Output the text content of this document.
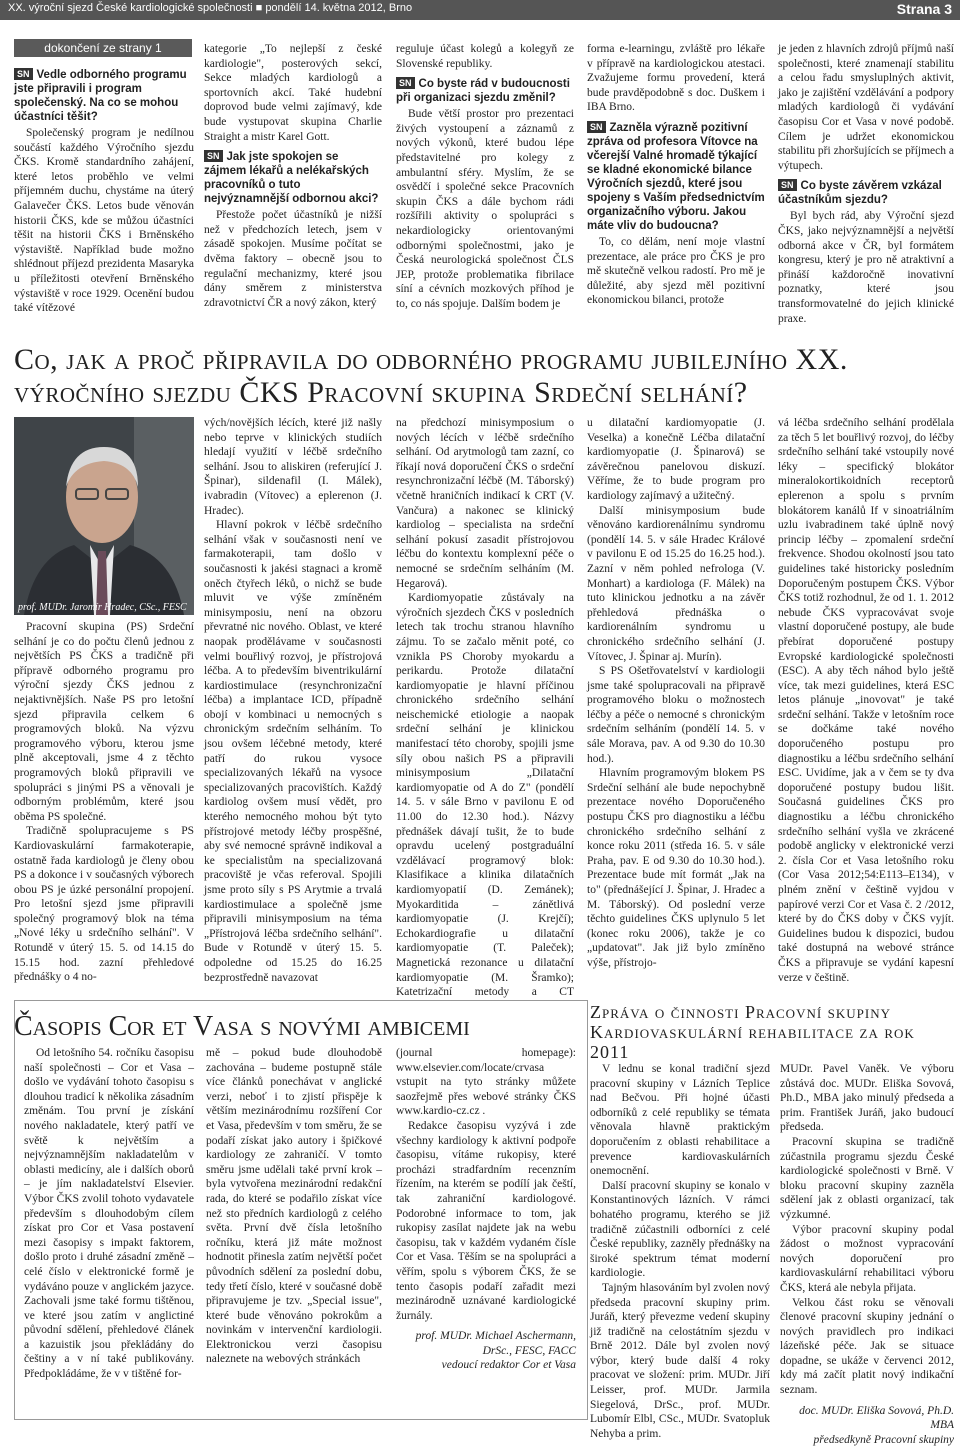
XX. výroční sjezd České kardiologické společnosti ■ pondělí 14. května 2012, Brno	Strana 3
dokončení ze strany 1
SN Vedle odborného programu jste připravili i program společenský. Na co se mohou účastníci těšit?

Společenský program je nedílnou součástí každého Výročního sjezdu ČKS. Kromě standardního zahájení, které letos proběhlo ve velmi příjemném duchu, chystáme na úterý Galavečer ČKS. Letos bude věnován historii ČKS, kde se můžou účastníci těšit na historii ČKS i Brněnského výstaviště. Například bude možno shlédnout příjezd prezidenta Masaryka u příležitosti otevření Brněnského výstaviště v roce 1929. Ocenění budou také vítězové

kategorie „To nejlepší z české kardiologie", posterových sekcí, Sekce mladých kardiologů a sportovních akcí. Také hudební doprovod bude velmi zajímavý, kde bude vystupovat skupina Charlie Straight a mistr Karel Gott.

SN Jak jste spokojen se zájmem lékařů a nelékařských pracovníků o tuto nejvýznamnější odbornou akci?

Přestože počet účastníků je nižší než v předchozích letech, jsem v zásadě spokojen. Musíme počítat se dvěma faktory – obecně jsou to regulační mechanizmy, které jsou dány směrem z ministerstva zdravotnictví ČR a nový zákon, který

reguluje účast kolegů a kolegyň ze Slovenské republiky.

SN Co byste rád v budoucnosti při organizaci sjezdu změnil?

Bude větší prostor pro prezentaci živých vystoupení a záznamů z nových výkonů, které budou lépe představitelné pro kolegy z ambulantní sféry. Myslím, že se osvědčí i společné sekce Pracovních skupin ČKS a dále bychom rádi rozšířili aktivity o spolupráci s nekardiologicky orientovanými odbornými společnostmi, jako je Česká neurologická společnost ČLS JEP, protože problematika fibrilace síní a cévních mozkových příhod je to, co nás spojuje. Dalším bodem je

forma e-learningu, zvláště pro lékaře v přípravě na kardiologickou atestaci. Zvažujeme formu provedení, která bude pravděpodobně s doc. Duškem i IBA Brno.

SN Zazněla výrazně pozitivní zpráva od profesora Vítovce na včerejší Valné hromadě týkající se kladné ekonomické bilance Výročních sjezdů, které jsou spojeny s Vaším předsednictvím organizačního výboru. Jakou máte vliv do budoucna?

To, co dělám, není moje vlastní prezentace, ale práce pro ČKS je pro mě skutečně velkou radostí. Pro mě je důležité, aby sjezd měl pozitivní ekonomickou bilanci, protože

je jeden z hlavních zdrojů příjmů naší společnosti, které znamenají stabilitu a celou řadu smysluplných aktivit, jako je zajištění vzdělávání a podpory mladých kardiologů či vydávání časopisu Cor et Vasa v nové podobě. Cílem je udržet ekonomickou stabilitu při zhoršujících se příjmech a výtupech.

SN Co byste závěrem vzkázal účastníkům sjezdu?

Byl bych rád, aby Výroční sjezd ČKS, jako nejvýznamnější a největší odborná akce v ČR, byl formátem kongresu, který je pro ně atraktivní a přináší každoročně inovativní poznatky, které jsou transformovatelné do jejich klinické praxe.

Co, jak a proč připravila do odborného programu jubilejního XX. výročního sjezdu ČKS Pracovní skupina Srdeční selhání?
prof. MUDr. Jaromír Hradec, CSc., FESC

Pracovní skupina (PS) Srdeční selhání je co do počtu členů jednou z největších PS ČKS a tradičně při přípravě odborného programu pro výroční sjezdy ČKS jednou z nejaktivnějších. Naše PS pro letošní sjezd připravila celkem 6 programových bloků. Na výzvu programového výboru, kterou jsme plně akceptovali, jsme 4 z těchto programových bloků připravili ve spolupráci s jinými PS a věnovali je odborným problémům, které jsou oběma PS společné.

Tradičně spolupracujeme s PS Kardiovaskulární farmakoterapie, ostatně řada kardiologů je členy obou PS a dokonce i v současných výborech obou PS je úzké personální propojení. Pro letošní sjezd jsme připravili společný programový blok na téma „Nové léky u srdečního selhání". V Rotundě v úterý 15. 5. od 14.15 do 15.15 hod. zazní přehledové přednášky o 4 no-

vých/novějších lécích, které již našly nebo teprve v klinických studiích hledají využití v léčbě srdečního selhání. Jsou to aliskiren (referující J. Špinar), sildenafil (I. Málek), ivabradin (Vítovec) a eplerenon (J. Hradec).

Hlavní pokrok v léčbě srdečního selhání však v současnosti není ve farmakoterapii, tam došlo v současnosti k jakési stagnaci a kromě oněch čtyřech léků, o nichž se bude mluvit ve výše zmíněném minisymposiu, není na obzoru převratné nic nového. Oblast, ve které naopak prodělávame v současnosti velmi bouřlivý rozvoj, je přístrojová léčba. A to především biventrikulární kardiostimulace (resynchronizační léčba) a implantace ICD, případně obojí v kombinaci u nemocných s chronickým srdečním selháním. To jsou ovšem léčebné metody, které patří do rukou vysoce specializovaných lékařů na vysoce specializovaných pracovištích. Každý kardiolog ovšem musí vědět, pro kterého nemocného mohou být tyto přístrojové metody léčby prospěšné, aby své nemocné správně indikoval a ke specialistům na specializovaná pracoviště je včas referoval. Spojili jsme proto síly s PS Arytmie a trvalá kardiostimulace a společně jsme připravili minisymposium na téma „Přístrojová léčba srdečního selhání". Bude v Rotundě v úterý 15. 5. odpoledne od 15.25 do 16.25 bezprostředně navazovat

na předchozí minisymposium o nových lécích v léčbě srdečního selhání. Od arytmologů tam zazní, co říkají nová doporučení ČKS o srdeční resynchronizační léčbě (M. Táborský) včetně hraničních indikací k CRT (V. Vančura) a nakonec se klinický kardiolog – specialista na srdeční selhání pokusí zasadit přístrojovou léčbu do kontextu komplexní péče o nemocné se srdečním selháním (M. Hegarová).

Kardiomyopatie zůstávaly na výročních sjezdech ČKS v posledních letech tak trochu stranou hlavního zájmu. To se začalo měnit poté, co vznikla PS Choroby myokardu a perikardu. Protože dilatační kardiomyopatie je hlavní příčinou chronického srdečního selhání neischemické etiologie a naopak srdeční selhání je klinickou manifestací této choroby, spojili jsme síly obou našich PS a připravili minisymposium „Dilatační kardiomyopatie od A do Z" (pondělí 14. 5. v sále Brno v pavilonu E od 11.00 do 12.30 hod.). Názvy přednášek dávají tušit, že to bude opravdu ucelený postgraduální vzdělávací programový blok: Klasifikace a klinika dilatačních kardiomyopatií (D. Zemánek); Myokarditida – zánětlivá kardiomyopatie (J. Krejčí); Echokardiografie u dilatační kardiomyopatie (T. Paleček); Magnetická rezonance u dilatační kardiomyopatie (M. Šramko); Katetrizační metody a CT

u dilatační kardiomyopatie (J. Veselka) a konečně Léčba dilatační kardiomyopatie (J. Špinarová) se závěrečnou panelovou diskuzí. Věříme, že to bude program pro kardiology zajímavý a užitečný.

Další minisymposium bude věnováno kardiorenálnímu syndromu (pondělí 14. 5. v sále Hradec Králové v pavilonu E od 15.25 do 16.25 hod.). Zazní v něm pohled nefrologa (V. Monhart) a kardiologa (F. Málek) na tuto klinickou jednotku a na závěr přehledová přednáška o kardiorenálním syndromu u chronického srdečního selhání (J. Vítovec, J. Špinar aj. Murín).

S PS Ošetřovatelství v kardiologii jsme také spolupracovali na připravě programového bloku o možnostech léčby a péče o nemocné s chronickým srdečním selháním (pondělí 14. 5. v sále Morava, pav. A od 9.30 do 10.30 hod.).

Hlavním programovým blokem PS Srdeční selhání ale bude nepochybně prezentace nového Doporučeného postupu ČKS pro diagnostiku a léčbu chronického srdečního selhání z konce roku 2011 (středa 16. 5. v sále Praha, pav. E od 9.30 do 10.30 hod.). Prezentace bude mít formát „Jak na to" (přednášející J. Špinar, J. Hradec a M. Táborský). Od poslední verze těchto guidelines ČKS uplynulo 5 let (konec roku 2006), takže je co „updatovat". Jak již bylo zmíněno výše, přístrojo-

vá léčba srdečního selhání prodělala za těch 5 let bouřlivý rozvoj, do léčby srdečního selhání také vstoupily nové léky – specifický blokátor mineralokortikoidních receptorů eplerenon a spolu s prvním blokátorem kanálů If v sinoatriálním uzlu ivabradinem také úplně nový princip léčby – zpomalení srdeční frekvence. Shodou okolností jsou tato guidelines také historicky posledním Doporučeným postupem ČKS. Výbor ČKS totiž rozhodnul, že od 1. 1. 2012 nebude ČKS vypracovávat svoje vlastní doporučené postupy, ale bude přebírat doporučené postupy Evropské kardiologické společnosti (ESC). A aby těch náhod bylo ještě více, tak mezi guidelines, která ESC letos plánuje „inovovat" je také srdeční selhání. Takže v letošním roce se dočkáme také nového doporučeného postupu pro diagnostiku a léčbu srdečního selhání ESC. Uvidíme, jak a v čem se ty dva doporučené postupy budou lišit. Současná guidelines ČKS pro diagnostiku a léčbu chronického srdečního selhání vyšla ve zkrácené podobě anglicky v elektronické verzi 2. čísla Cor et Vasa letošního roku (Cor Vasa 2012;54:E113–E134), v plném znění v češtině vyjdou v papírové verzi Cor et Vasa č. 2 /2012, které by do ČKS doby v ČKS vyjít. Guidelines budou k dispozici, budou také dostupná na webové stránce ČKS a připravuje se vydání kapesní verze v češtině.

Časopis Cor et Vasa s novými ambicemi

Od letošního 54. ročníku časopisu naší společnosti – Cor et Vasa – došlo ve vydávání tohoto časopisu s dlouhou tradicí k několika zásadním změnám. Tou první je získání nového nakladatele, který patří ve světě k největším a nejvýznamnějším nakladatelům v oblasti medicíny, ale i dalších oborů – je jím nakladatelství Elsevier. Výbor ČKS zvolil tohoto vydavatele především s dlouhodobým cílem získat pro Cor et Vasa postavení mezi časopisy s impakt faktorem, došlo proto i druhé zásadní změně – celé číslo v elektronické formě je vydáváno pouze v anglickém jazyce. Zachovali jsme také formu tištěnou, ve které jsou zatím v anglictiné původní sdělení, přehledové článek a kazuistik jsou překládány do češtiny a v ní také publikovány. Předpokládáme, že v v tištěné for-

mě – pokud bude dlouhodobě zachována – budeme postupně stále více článků ponechávat v anglické verzi, neboť i to zjistí přispěje k větším mezinárodnímu rozšíření Cor et Vasa, především v tom směru, že se podaří získat jako autory i špičkové kardiology ze zahraničí. V tomto směru jsme udělali také první krok – byla vytvořena mezinárodní redakční rada, do které se podařilo získat více než sto předních kardiologů z celého světa. První dvě čísla letošního ročníku, která již máte možnost hodnotit přinesla zatím největší počet původních sdělení za poslední dobu, tedy třetí číslo, které v současné době připravujeme je tzv. „Special issue", které bude věnováno pokrokům a novinkám v intervenční kardiologii. Elektronickou verzi časopisu naleznete na webových stránkách

(journal homepage): www.elsevier.com/locate/crvasa vstupit na tyto stránky můžete saozřejmě přes webové stránky ČKS www.kardio-cz.cz .

Redakce časopisu vyzývá i zde všechny kardiology k aktivní podpoře časopisu, vítáme rukopisy, které procházi stradfardním recenzním řízením, na kterém se podílí jak čeští, tak zahraniční kardiologové. Podorobné informace to tom, jak rukopisy zasílat najdete jak na webu časopisu, tak v každém vydaném čísle Cor et Vasa. Těším se na spolupráci a věřím, spolu s výborem ČKS, že se tento časopis podaří zařadit mezi mezinárodně uznávané kardiologické žurnály.

prof. MUDr. Michael Aschermann, DrSc., FESC, FACC

vedoucí redaktor Cor et Vasa

Zpráva o činnosti Pracovní skupiny Kardiovaskulární rehabilitace za rok 2011

V lednu se konal tradiční sjezd pracovní skupiny v Lázních Teplice nad Bečvou. Při hojné účasti odborníků z celé republiky se témata věnovala hlavně praktickým doporučením z oblasti rehabilitace a prevence kardiovaskulárních onemocnění.

Další pracovní skupiny se konalo v Konstantinových lázních. V rámci bohatého programu, kterého se již tradičně zúčastnili odborníci z celé České republiky, zazněly přednášky na široké spektrum témat moderní kardiologie.

Tajným hlasováním byl zvolen nový předseda pracovní skupiny prim. Juráň, který převezme vedení skupiny již tradičně na celostátním sjezdu v Brně 2012. Dále byl zvolen nový výbor, který bude další 4 roky pracovat ve složení: prim. MUDr. Jiří Leisser, prof. MUDr. Jarmila Siegelová, DrSc., prof. MUDr. Lubomír Elbl, CSc., MUDr. Svatopluk Nehyba a prim.

MUDr. Pavel Vaněk. Ve výboru zůstává doc. MUDr. Eliška Sovová, Ph.D., MBA jako minulý předseda a prim. František Juráň, jako budoucí předseda.

Pracovní skupina se tradičně zúčastnila programu sjezdu České kardiologické společnosti v Brně. V bloku pracovní skupiny zazněla sdělení jak z oblasti organizací, tak výzkumné.

Výbor pracovní skupiny podal žádost o možnost vypracování nových doporučení pro kardiovaskulární rehabilitaci výboru ČKS, která ale nebyla přijata.

Velkou část roku se věnovali členové pracovní skupiny jednání o nových pravidlech pro indikaci lázeňské péče. Jak se situace dopadne, se ukáže v červenci 2012, kdy má začít platit nový indikační seznam.

doc. MUDr. Eliška Sovová, Ph.D. MBA

předsedkyně Pracovní skupiny
